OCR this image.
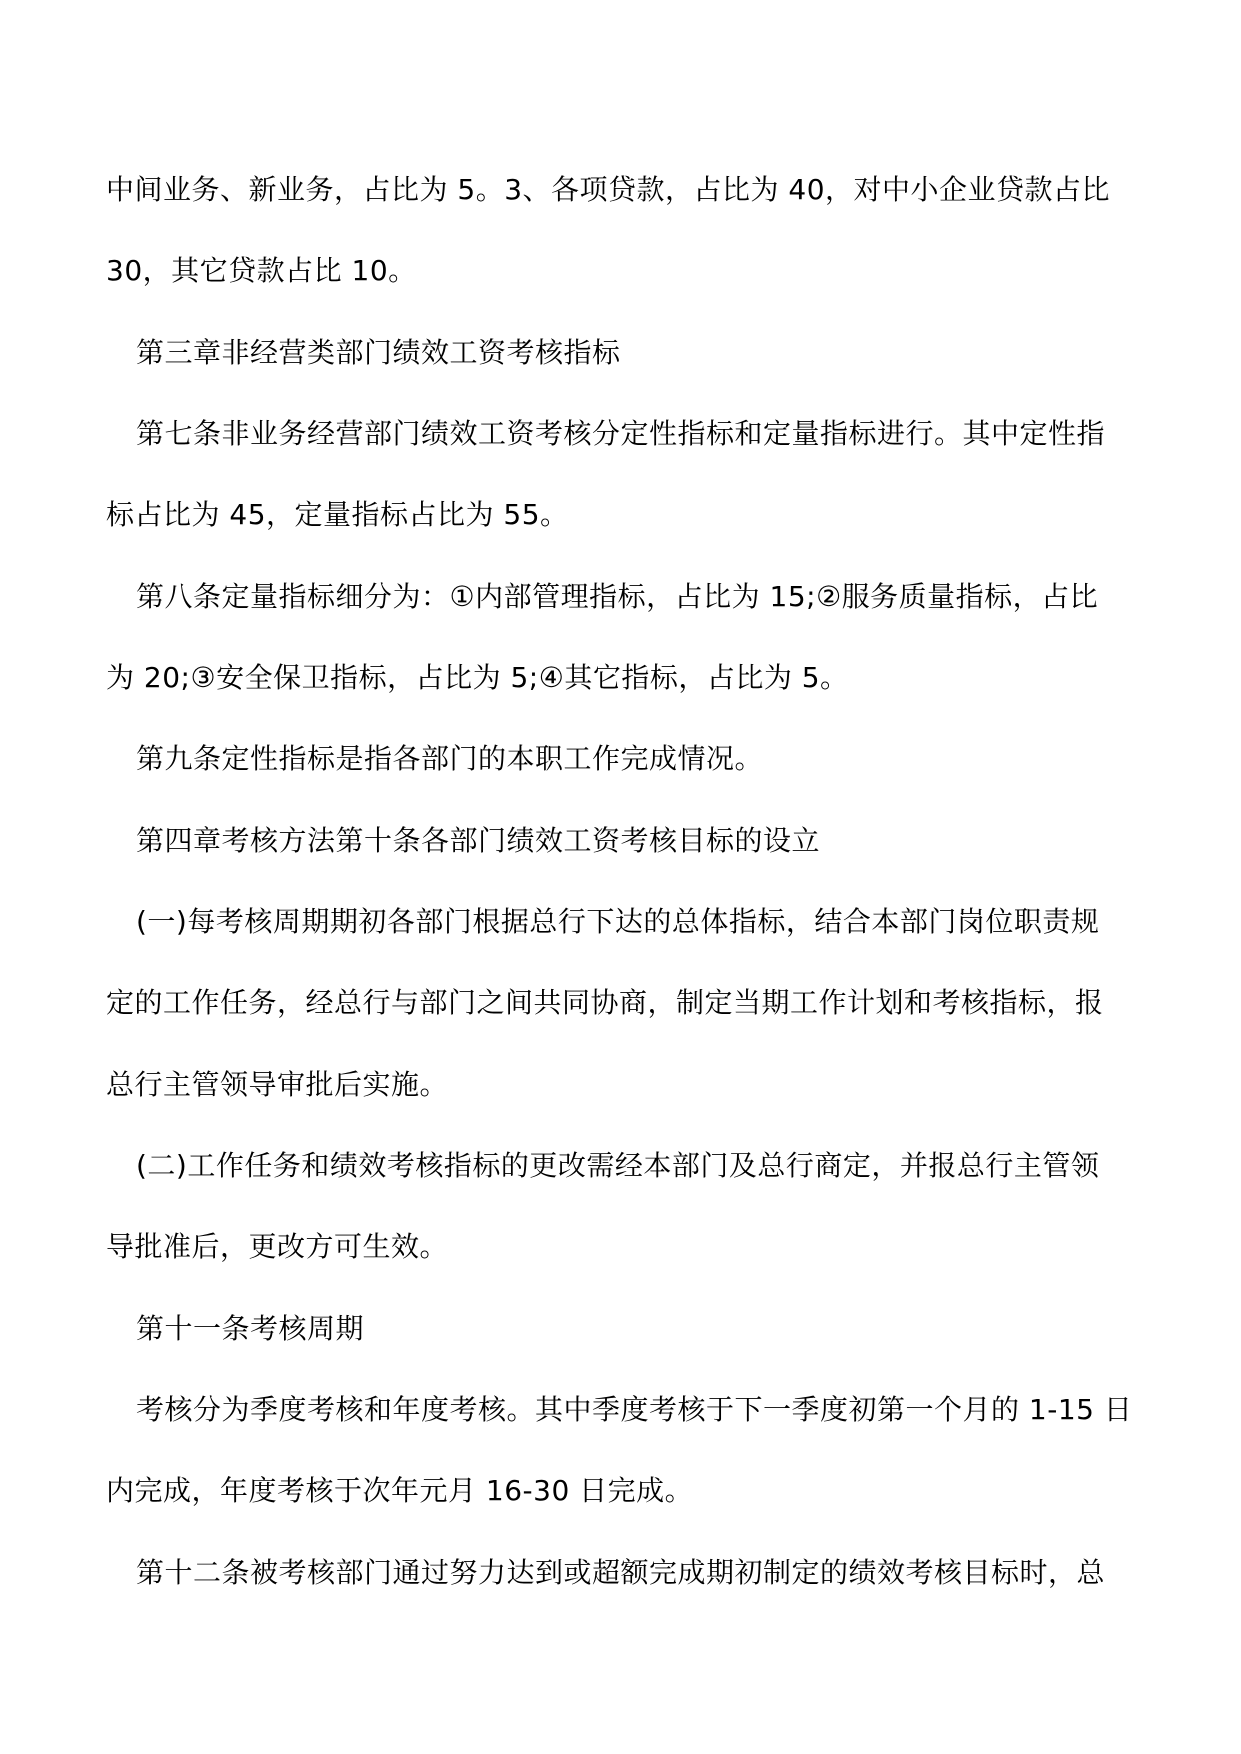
中间业务、新业务，占比为 5。3、各项贷款，占比为 40，对中小企业贷款占比
30，其它贷款占比 10。
第三章非经营类部门绩效工资考核指标
第七条非业务经营部门绩效工资考核分定性指标和定量指标进行。其中定性指
标占比为 45，定量指标占比为 55。
第八条定量指标细分为：①内部管理指标，占比为 15;②服务质量指标，占比
为 20;③安全保卫指标，占比为 5;④其它指标，占比为 5。
第九条定性指标是指各部门的本职工作完成情况。
第四章考核方法第十条各部门绩效工资考核目标的设立
(一)每考核周期期初各部门根据总行下达的总体指标，结合本部门岗位职责规
定的工作任务，经总行与部门之间共同协商，制定当期工作计划和考核指标，报
总行主管领导审批后实施。
(二)工作任务和绩效考核指标的更改需经本部门及总行商定，并报总行主管领
导批准后，更改方可生效。
第十一条考核周期
考核分为季度考核和年度考核。其中季度考核于下一季度初第一个月的 1-15 日
内完成，年度考核于次年元月 16-30 日完成。
第十二条被考核部门通过努力达到或超额完成期初制定的绩效考核目标时，总
